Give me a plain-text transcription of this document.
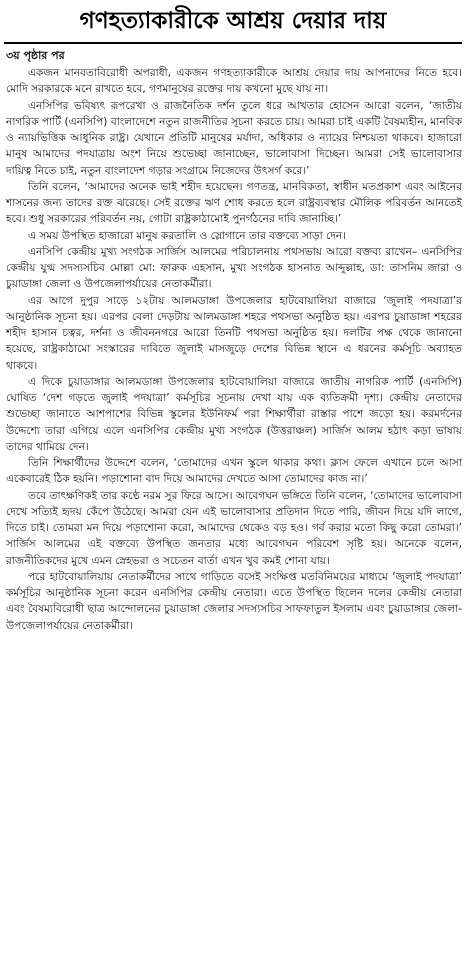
গণহত্যাকারীকে আশ্রয় দেয়ার দায়
৩য় পৃষ্ঠার পর

একজন মানবতাবিরোধী অপরাধী, একজন গণহত্যাকারীকে আশ্রয় দেয়ার দায় আপনাদের নিতে হবে। মোদি সরকারকে মনে রাখতে হবে, গণমানুষের রক্তের দায় কখনো মুছে যায় না।

এনসিপির ভবিষ্যৎ রূপরেখা ও রাজনৈতিক দর্শন তুলে ধরে আখতার হোসেন আরো বলেন, ‘জাতীয় নাগরিক পার্টি (এনসিপি) বাংলাদেশে নতুন রাজনীতির সূচনা করতে চায়। আমরা চাই একটি বৈষম্যহীন, মানবিক ও ন্যায়ভিত্তিক আধুনিক রাষ্ট্র। যেখানে প্রতিটি মানুষের মর্যাদা, অধিকার ও ন্যায়ের নিশ্চয়তা থাকবে। হাজারো মানুষ আমাদের পদযাত্রায় অংশ নিয়ে শুভেচ্ছা জানাচ্ছেন, ভালোবাসা দিচ্ছেন। আমরা সেই ভালোবাসার দায়িত্ব নিতে চাই, নতুন বাংলাদেশ গড়ার সংগ্রামে নিজেদের উৎসর্গ করে।’

তিনি বলেন, ‘আমাদের অনেক ভাই শহীদ হয়েছেন। গণতন্ত্র, মানবিকতা, স্বাধীন মতপ্রকাশ এবং আইনের শাসনের জন্য তাদের রক্ত ঝরেছে। সেই রক্তের ঋণ শোধ করতে হলে রাষ্ট্রব্যবস্থার মৌলিক পরিবর্তন আনতেই হবে। শুধু সরকারের পরিবর্তন নয়, গোটা রাষ্ট্রকাঠামোই পুনর্গঠনের দাবি জানাচ্ছি।’

এ সময় উপস্থিত হাজারো মানুষ করতালি ও স্লোগানে তার বক্তব্যে সাড়া দেন।

এনসিপি কেন্দ্রীয় মুখ্য সংগঠক সার্জিস আলমের পরিচালনায় পথসভায় আরো বক্তব্য রাখেন– এনসিপির কেন্দ্রীয় যুগ্ম সদস্যসচিব মোল্লা মো: ফারুক এহসান, মুখ্য সংগঠক হাসনাত আব্দুল্লাহ, ডা: তাসনিম জারা ও চুয়াডাঙ্গা জেলা ও উপজেলাপর্যায়ের নেতাকর্মীরা।

এর আগে দুপুর সাড়ে ১২টায় আলমডাঙ্গা উপজেলার হাটবোয়ালিয়া বাজারে ‘জুলাই পদযাত্রা’র আনুষ্ঠানিক সূচনা হয়। এরপর বেলা দেড়টায় আলমডাঙ্গা শহরে পথসভা অনুষ্ঠিত হয়। এরপর চুয়াডাঙ্গা শহরের শহীদ হাসান চত্বর, দর্শনা ও জীবননগরে আরো তিনটি পথসভা অনুষ্ঠিত হয়। দলটির পক্ষ থেকে জানানো হয়েছে, রাষ্ট্রকাঠামো সংস্কারের দাবিতে জুলাই মাসজুড়ে দেশের বিভিন্ন স্থানে এ ধরনের কর্মসূচি অব্যাহত থাকবে।

এ দিকে চুয়াডাঙ্গার আলমডাঙ্গা উপজেলার হাটবোয়ালিয়া বাজারে জাতীয় নাগরিক পার্টি (এনসিপি) ঘোষিত ‘দেশ গড়তে জুলাই পদযাত্রা’ কর্মসূচির সূচনায় দেখা যায় এক ব্যতিক্রমী দৃশ্য। কেন্দ্রীয় নেতাদের শুভেচ্ছা জানাতে আশপাশের বিভিন্ন স্কুলের ইউনিফর্ম পরা শিক্ষার্থীরা রাস্তার পাশে জড়ো হয়। করমর্দনের উদ্দেশ্যে তারা এগিয়ে এলে এনসিপির কেন্দ্রীয় মুখ্য সংগঠক (উত্তরাঞ্চল) সার্জিস আলম হঠাৎ কড়া ভাষায় তাদের থামিয়ে দেন।

তিনি শিক্ষার্থীদের উদ্দেশে বলেন, ‘তোমাদের এখন স্কুলে থাকার কথা। ক্লাস ফেলে এখানে চলে আসা একেবারেই ঠিক হয়নি। পড়াশোনা বাদ দিয়ে আমাদের দেখতে আসা তোমাদের কাজ না।’

তবে তাৎক্ষণিকই তার কণ্ঠে নরম সুর ফিরে আসে। আবেগঘন ভঙ্গিতে তিনি বলেন, ‘তোমাদের ভালোবাসা দেখে সত্যিই হৃদয় কেঁপে উঠেছে। আমরা যেন এই ভালোবাসার প্রতিদান দিতে পারি, জীবন দিয়ে যদি লাগে, দিতে চাই। তোমরা মন দিয়ে পড়াশোনা করো, আমাদের থেকেও বড় হও। গর্ব করার মতো কিছু করো তোমরা।’ সার্জিস আলমের এই বক্তব্যে উপস্থিত জনতার মধ্যে আবেগঘন পরিবেশ সৃষ্টি হয়। অনেকে বলেন, রাজনীতিকদের মুখে এমন স্নেহভরা ও সচেতন বার্তা এখন খুব কমই শোনা যায়।

পরে হাটবোয়ালিয়ায় নেতাকর্মীদের সাথে গাড়িতে বসেই সংক্ষিপ্ত মতবিনিময়ের মাধ্যমে ‘জুলাই পদযাত্রা’ কর্মসূচির আনুষ্ঠানিক সূচনা করেন এনসিপির কেন্দ্রীয় নেতারা। এতে উপস্থিত ছিলেন দলের কেন্দ্রীয় নেতারা এবং বৈষম্যবিরোধী ছাত্র আন্দোলনের চুয়াডাঙ্গা জেলার সদস্যসচিব সাফফাতুল ইসলাম এবং চুয়াডাঙ্গার জেলা-উপজেলাপর্যায়ের নেতাকর্মীরা।
